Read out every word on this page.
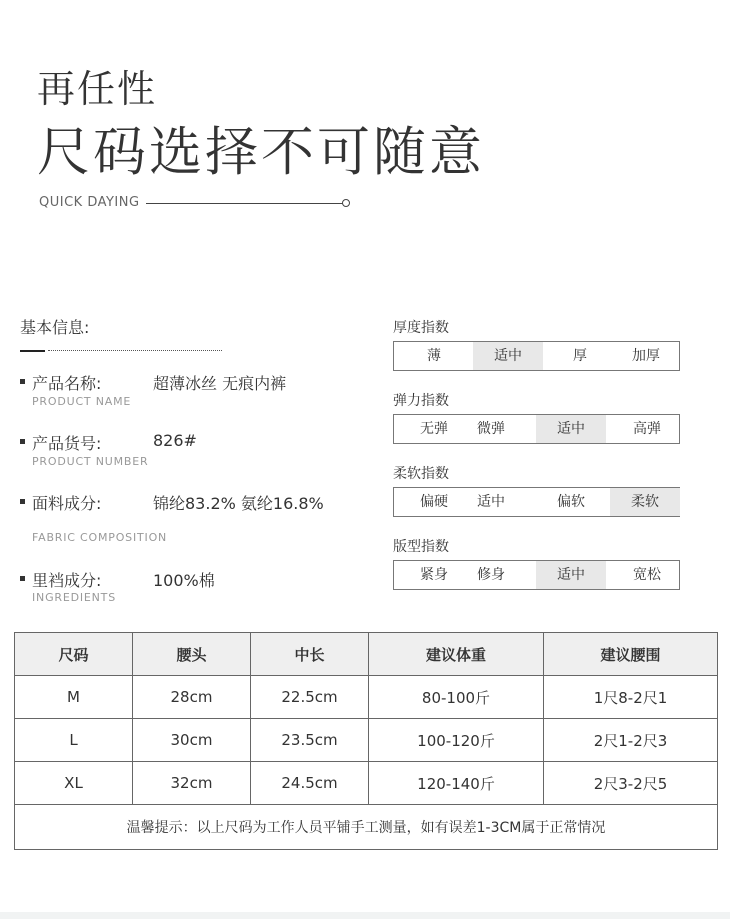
再任性
尺码选择不可随意
QUICK DAYING
基本信息:
产品名称:	超薄冰丝 无痕内裤
PRODUCT NAME
产品货号:	826#
PRODUCT NUMBER
面料成分:	锦纶83.2% 氨纶16.8%
FABRIC COMPOSITION
里裆成分:	100%棉
INGREDIENTS
厚度指数
薄	适中	厚	加厚
弹力指数
无弹	微弹	适中	高弹
柔软指数
偏硬	适中	偏软	柔软
版型指数
紧身	修身	适中	宽松
尺码	腰头	中长	建议体重	建议腰围
M	28cm	22.5cm	80-100斤	1尺8-2尺1
L	30cm	23.5cm	100-120斤	2尺1-2尺3
XL	32cm	24.5cm	120-140斤	2尺3-2尺5
温馨提示：以上尺码为工作人员平铺手工测量，如有误差1-3CM属于正常情况				
